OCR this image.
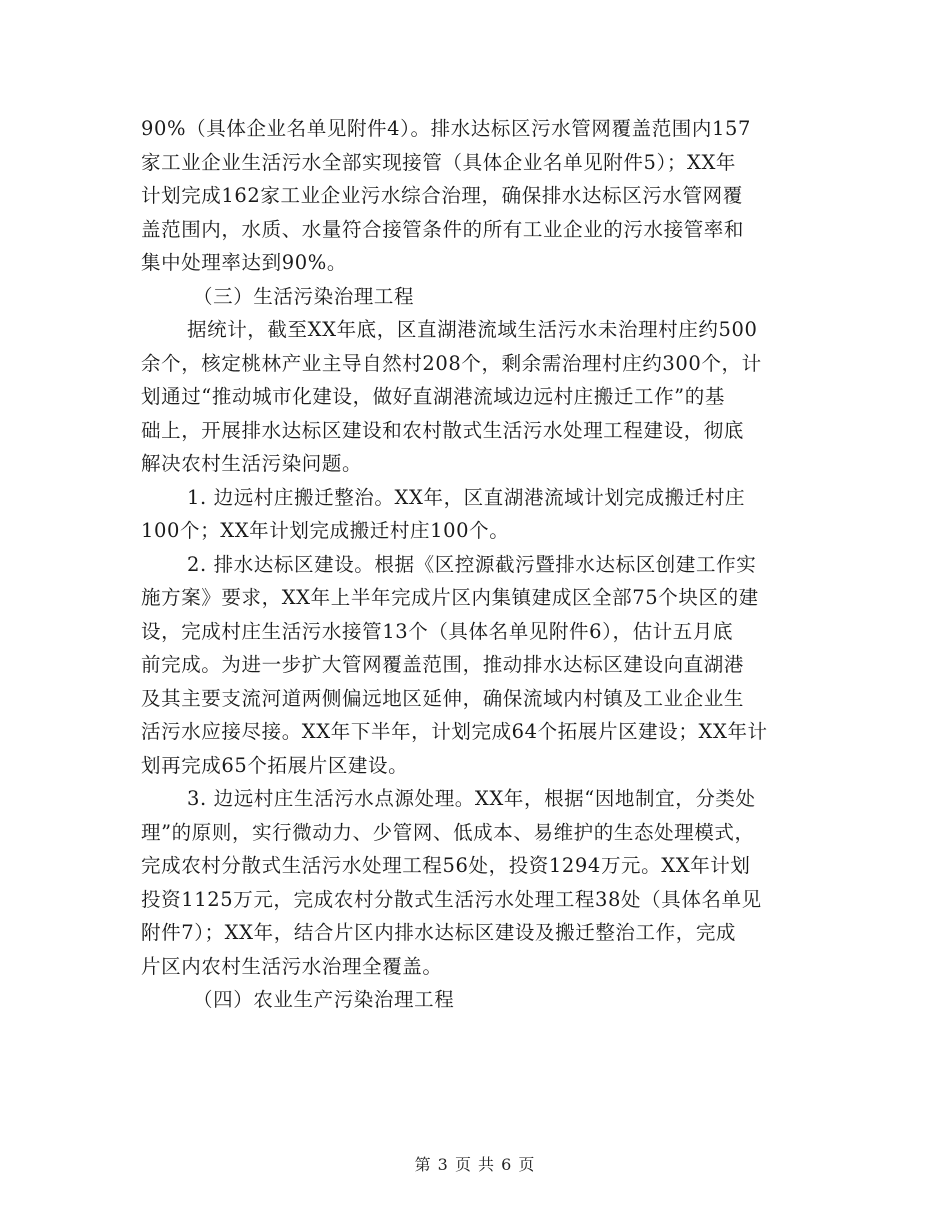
90%（具体企业名单见附件4）。排水达标区污水管网覆盖范围内157
家工业企业生活污水全部实现接管（具体企业名单见附件5）；XX年
计划完成162家工业企业污水综合治理，确保排水达标区污水管网覆
盖范围内，水质、水量符合接管条件的所有工业企业的污水接管率和
集中处理率达到90%。
（三）生活污染治理工程
据统计，截至XX年底，区直湖港流域生活污水未治理村庄约500
余个，核定桃林产业主导自然村208个，剩余需治理村庄约300个，计
划通过“推动城市化建设，做好直湖港流域边远村庄搬迁工作”的基
础上，开展排水达标区建设和农村散式生活污水处理工程建设，彻底
解决农村生活污染问题。
1. 边远村庄搬迁整治。XX年，区直湖港流域计划完成搬迁村庄
100个；XX年计划完成搬迁村庄100个。
2. 排水达标区建设。根据《区控源截污暨排水达标区创建工作实
施方案》要求，XX年上半年完成片区内集镇建成区全部75个块区的建
设，完成村庄生活污水接管13个（具体名单见附件6），估计五月底
前完成。为进一步扩大管网覆盖范围，推动排水达标区建设向直湖港
及其主要支流河道两侧偏远地区延伸，确保流域内村镇及工业企业生
活污水应接尽接。XX年下半年，计划完成64个拓展片区建设；XX年计
划再完成65个拓展片区建设。
3. 边远村庄生活污水点源处理。XX年，根据“因地制宜，分类处
理”的原则，实行微动力、少管网、低成本、易维护的生态处理模式，
完成农村分散式生活污水处理工程56处，投资1294万元。XX年计划
投资1125万元，完成农村分散式生活污水处理工程38处（具体名单见
附件7）；XX年，结合片区内排水达标区建设及搬迁整治工作，完成
片区内农村生活污水治理全覆盖。
（四）农业生产污染治理工程
第 3 页 共 6 页
